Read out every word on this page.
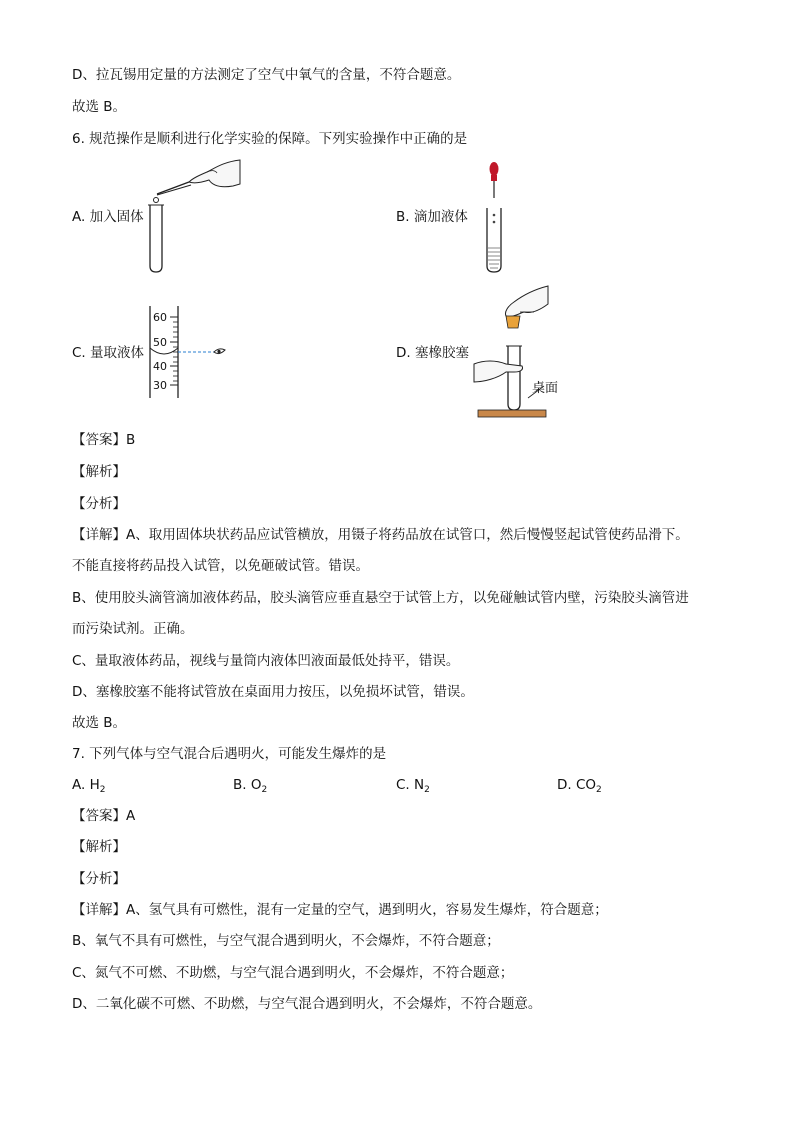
D、拉瓦锡用定量的方法测定了空气中氧气的含量，不符合题意。
故选 B。
6. 规范操作是顺利进行化学实验的保障。下列实验操作中正确的是
A. 加入固体	B. 滴加液体
C. 量取液体
60
50
40
30
D. 塞橡胶塞
桌面
【答案】B
【解析】
【分析】
【详解】A、取用固体块状药品应试管横放，用镊子将药品放在试管口，然后慢慢竖起试管使药品滑下。
不能直接将药品投入试管，以免砸破试管。错误。
B、使用胶头滴管滴加液体药品，胶头滴管应垂直悬空于试管上方，以免碰触试管内壁，污染胶头滴管进
而污染试剂。正确。
C、量取液体药品，视线与量筒内液体凹液面最低处持平，错误。
D、塞橡胶塞不能将试管放在桌面用力按压，以免损坏试管，错误。
故选 B。
7. 下列气体与空气混合后遇明火，可能发生爆炸的是
A. $H_2$	B. $O_2$	C. $N_2$	D. $CO_2$
【答案】A
【解析】
【分析】
【详解】A、氢气具有可燃性，混有一定量的空气，遇到明火，容易发生爆炸，符合题意；
B、氧气不具有可燃性，与空气混合遇到明火，不会爆炸，不符合题意；
C、氮气不可燃、不助燃，与空气混合遇到明火，不会爆炸，不符合题意；
D、二氧化碳不可燃、不助燃，与空气混合遇到明火，不会爆炸，不符合题意。
